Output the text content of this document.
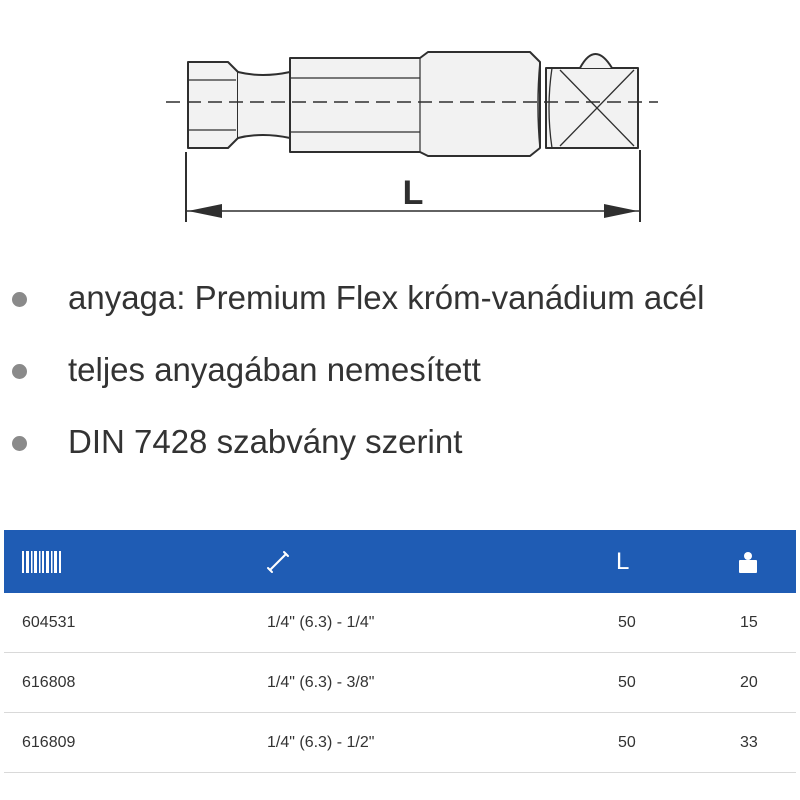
L
anyaga: Premium Flex króm-vanádium acél
teljes anyagában nemesített
DIN 7428 szabvány szerint
L
604531	1/4" (6.3) - 1/4"	50	15
616808	1/4" (6.3) - 3/8"	50	20
616809	1/4" (6.3) - 1/2"	50	33
